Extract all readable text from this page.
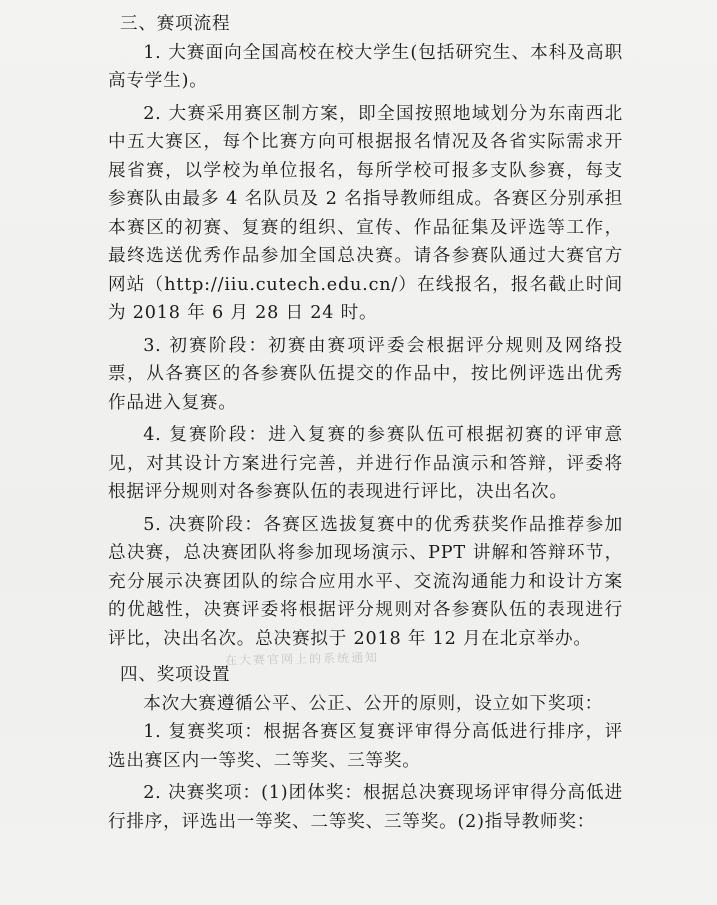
三、赛项流程

1. 大赛面向全国高校在校大学生(包括研究生、本科及高职高专学生)。

2. 大赛采用赛区制方案，即全国按照地域划分为东南西北中五大赛区，每个比赛方向可根据报名情况及各省实际需求开展省赛，以学校为单位报名，每所学校可报多支队参赛，每支参赛队由最多 4 名队员及 2 名指导教师组成。各赛区分别承担本赛区的初赛、复赛的组织、宣传、作品征集及评选等工作，最终选送优秀作品参加全国总决赛。请各参赛队通过大赛官方网站（http://iiu.cutech.edu.cn/）在线报名，报名截止时间为 2018 年 6 月 28 日 24 时。

3. 初赛阶段：初赛由赛项评委会根据评分规则及网络投票，从各赛区的各参赛队伍提交的作品中，按比例评选出优秀作品进入复赛。

4. 复赛阶段：进入复赛的参赛队伍可根据初赛的评审意见，对其设计方案进行完善，并进行作品演示和答辩，评委将根据评分规则对各参赛队伍的表现进行评比，决出名次。

5. 决赛阶段：各赛区选拔复赛中的优秀获奖作品推荐参加总决赛，总决赛团队将参加现场演示、PPT 讲解和答辩环节，充分展示决赛团队的综合应用水平、交流沟通能力和设计方案的优越性，决赛评委将根据评分规则对各参赛队伍的表现进行评比，决出名次。总决赛拟于 2018 年 12 月在北京举办。

四、奖项设置

本次大赛遵循公平、公正、公开的原则，设立如下奖项：

1. 复赛奖项：根据各赛区复赛评审得分高低进行排序，评选出赛区内一等奖、二等奖、三等奖。

2. 决赛奖项：(1)团体奖：根据总决赛现场评审得分高低进行排序，评选出一等奖、二等奖、三等奖。(2)指导教师奖：

在大赛官网上的系统通知
